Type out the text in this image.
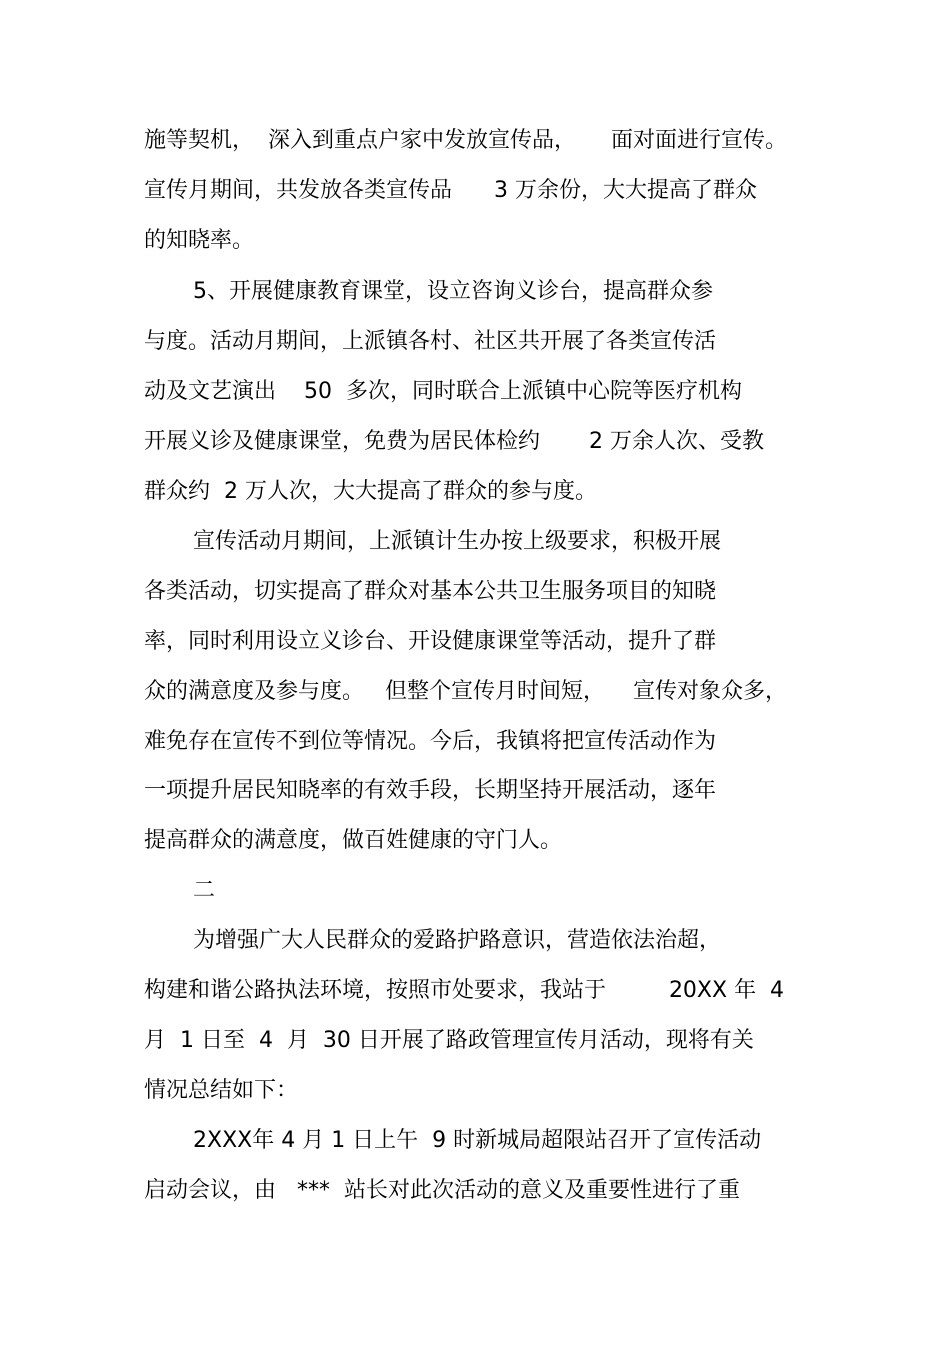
施等契机，  深入到重点户家中发放宣传品，     面对面进行宣传。
宣传月期间，共发放各类宣传品      3 万余份，大大提高了群众
的知晓率。
5、开展健康教育课堂，设立咨询义诊台，提高群众参
与度。活动月期间，上派镇各村、社区共开展了各类宣传活
动及文艺演出    50  多次，同时联合上派镇中心院等医疗机构
开展义诊及健康课堂，免费为居民体检约       2 万余人次、受教
群众约  2 万人次，大大提高了群众的参与度。
宣传活动月期间，上派镇计生办按上级要求，积极开展
各类活动，切实提高了群众对基本公共卫生服务项目的知晓
率，同时利用设立义诊台、开设健康课堂等活动，提升了群
众的满意度及参与度。   但整个宣传月时间短，    宣传对象众多，
难免存在宣传不到位等情况。今后，我镇将把宣传活动作为
一项提升居民知晓率的有效手段，长期坚持开展活动，逐年
提高群众的满意度，做百姓健康的守门人。
二
为增强广大人民群众的爱路护路意识，营造依法治超，
构建和谐公路执法环境，按照市处要求，我站于         20XX 年  4
月  1 日至  4  月  30 日开展了路政管理宣传月活动，现将有关
情况总结如下：
2XXX年 4 月 1 日上午  9 时新城局超限站召开了宣传活动
启动会议，由   ***  站长对此次活动的意义及重要性进行了重
